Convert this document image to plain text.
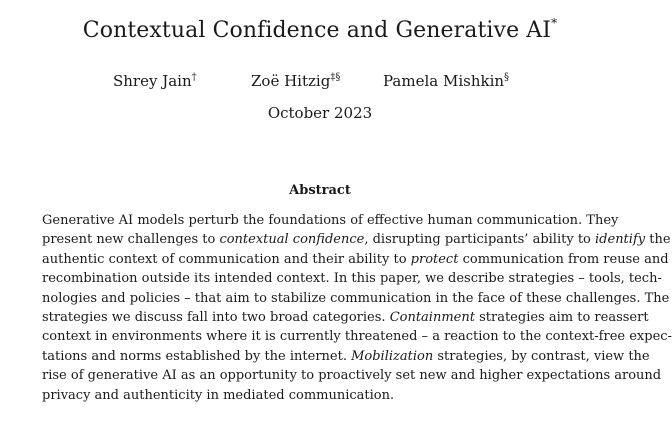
Contextual Confidence and Generative AI*
Shrey Jain†	Zoë Hitzig‡§	Pamela Mishkin§
October 2023
Abstract
Generative AI models perturb the foundations of effective human communication. They
present new challenges to contextual confidence, disrupting participants’ ability to identify the
authentic context of communication and their ability to protect communication from reuse and
recombination outside its intended context. In this paper, we describe strategies – tools, tech-
nologies and policies – that aim to stabilize communication in the face of these challenges. The
strategies we discuss fall into two broad categories. Containment strategies aim to reassert
context in environments where it is currently threatened – a reaction to the context-free expec-
tations and norms established by the internet. Mobilization strategies, by contrast, view the
rise of generative AI as an opportunity to proactively set new and higher expectations around
privacy and authenticity in mediated communication.
